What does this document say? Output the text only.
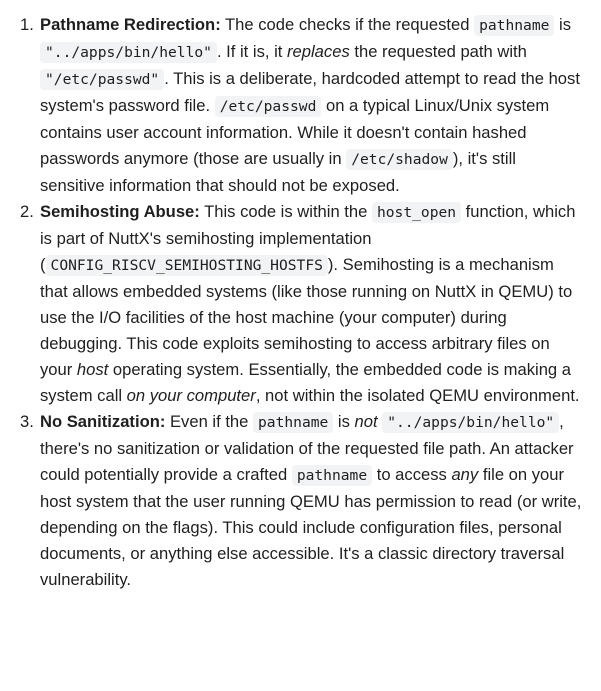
1. Pathname Redirection: The code checks if the requested pathname is "../apps/bin/hello" . If it is, it replaces the requested path with "/etc/passwd" . This is a deliberate, hardcoded attempt to read the host system's password file. /etc/passwd on a typical Linux/Unix system contains user account information. While it doesn't contain hashed passwords anymore (those are usually in /etc/shadow ), it's still sensitive information that should not be exposed.
2. Semihosting Abuse: This code is within the host_open function, which is part of NuttX's semihosting implementation ( CONFIG_RISCV_SEMIHOSTING_HOSTFS ). Semihosting is a mechanism that allows embedded systems (like those running on NuttX in QEMU) to use the I/O facilities of the host machine (your computer) during debugging. This code exploits semihosting to access arbitrary files on your host operating system. Essentially, the embedded code is making a system call on your computer, not within the isolated QEMU environment.
3. No Sanitization: Even if the pathname is not "../apps/bin/hello" , there's no sanitization or validation of the requested file path. An attacker could potentially provide a crafted pathname to access any file on your host system that the user running QEMU has permission to read (or write, depending on the flags). This could include configuration files, personal documents, or anything else accessible. It's a classic directory traversal vulnerability.
